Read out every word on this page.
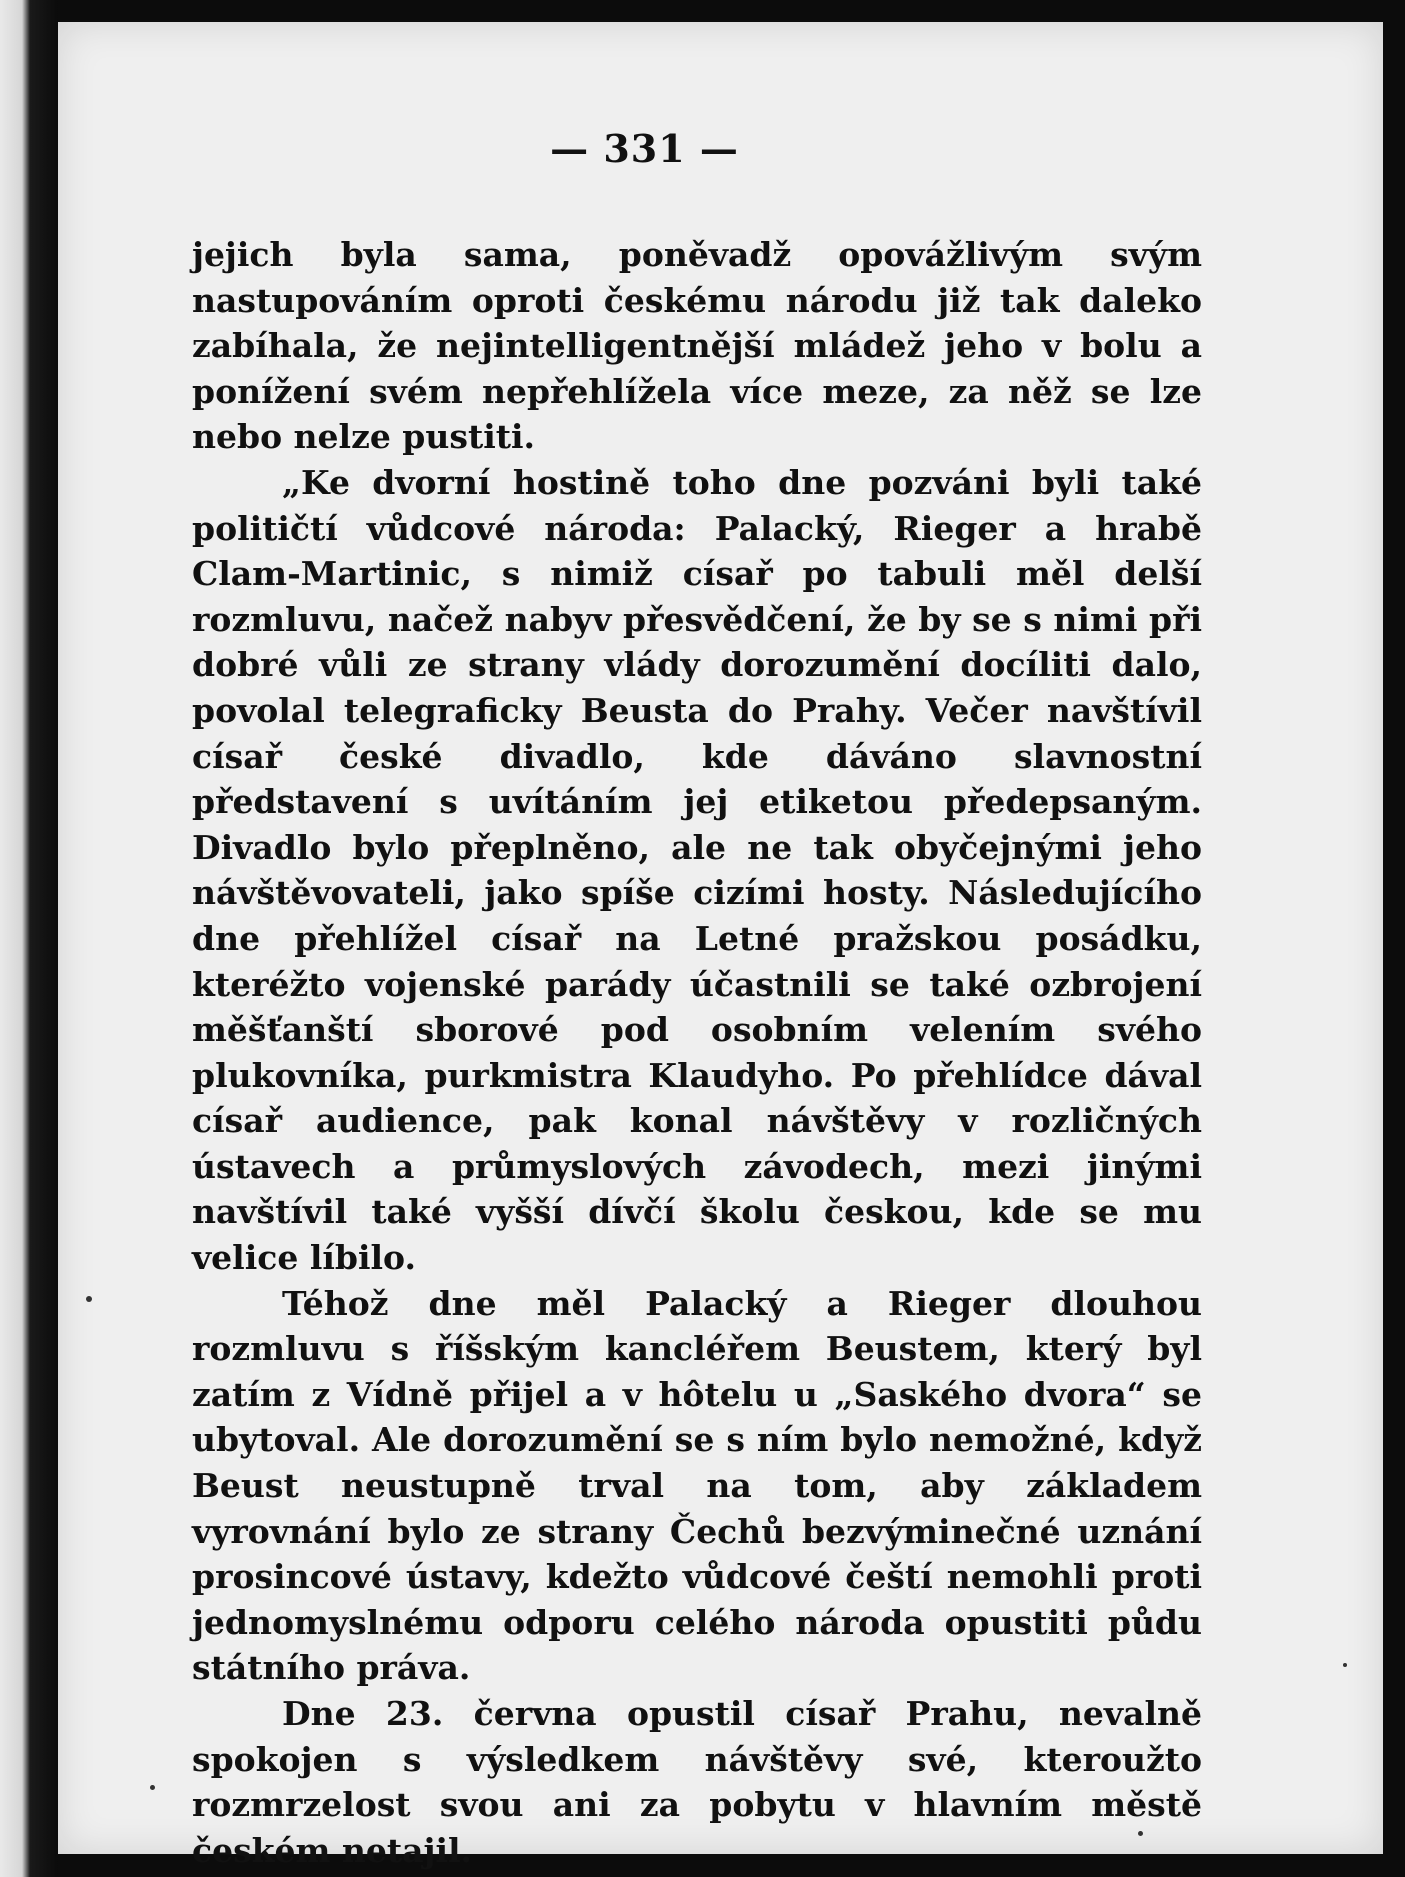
— 331 —

jejich byla sama, poněvadž opovážlivým svým nastupováním oproti českému národu již tak daleko zabíhala, že nejintelligentnější mládež jeho v bolu a ponížení svém nepřehlížela více meze, za něž se lze nebo nelze pustiti.

„Ke dvorní hostině toho dne pozváni byli také političtí vůdcové národa: Palacký, Rieger a hrabě Clam-Martinic, s nimiž císař po tabuli měl delší rozmluvu, načež nabyv přesvědčení, že by se s nimi při dobré vůli ze strany vlády dorozumění docíliti dalo, povolal telegraficky Beusta do Prahy. Večer navštívil císař české divadlo, kde dáváno slavnostní představení s uvítáním jej etiketou předepsaným. Divadlo bylo přeplněno, ale ne tak obyčejnými jeho návštěvovateli, jako spíše cizími hosty. Následujícího dne přehlížel císař na Letné pražskou posádku, kteréžto vojenské parády účastnili se také ozbrojení měšťanští sborové pod osobním velením svého plukovníka, purkmistra Klaudyho. Po přehlídce dával císař audience, pak konal návštěvy v rozličných ústavech a průmyslových závodech, mezi jinými navštívil také vyšší dívčí školu českou, kde se mu velice líbilo.

Téhož dne měl Palacký a Rieger dlouhou rozmluvu s říšským kancléřem Beustem, který byl zatím z Vídně přijel a v hôtelu u „Saského dvora“ se ubytoval. Ale dorozumění se s ním bylo nemožné, když Beust neustupně trval na tom, aby základem vyrovnání bylo ze strany Čechů bezvýminečné uznání prosincové ústavy, kdežto vůdcové čeští nemohli proti jednomyslnému odporu celého národa opustiti půdu státního práva.

Dne 23. června opustil císař Prahu, nevalně spokojen s výsledkem návštěvy své, kteroužto rozmrzelost svou ani za pobytu v hlavním městě českém netajil.
